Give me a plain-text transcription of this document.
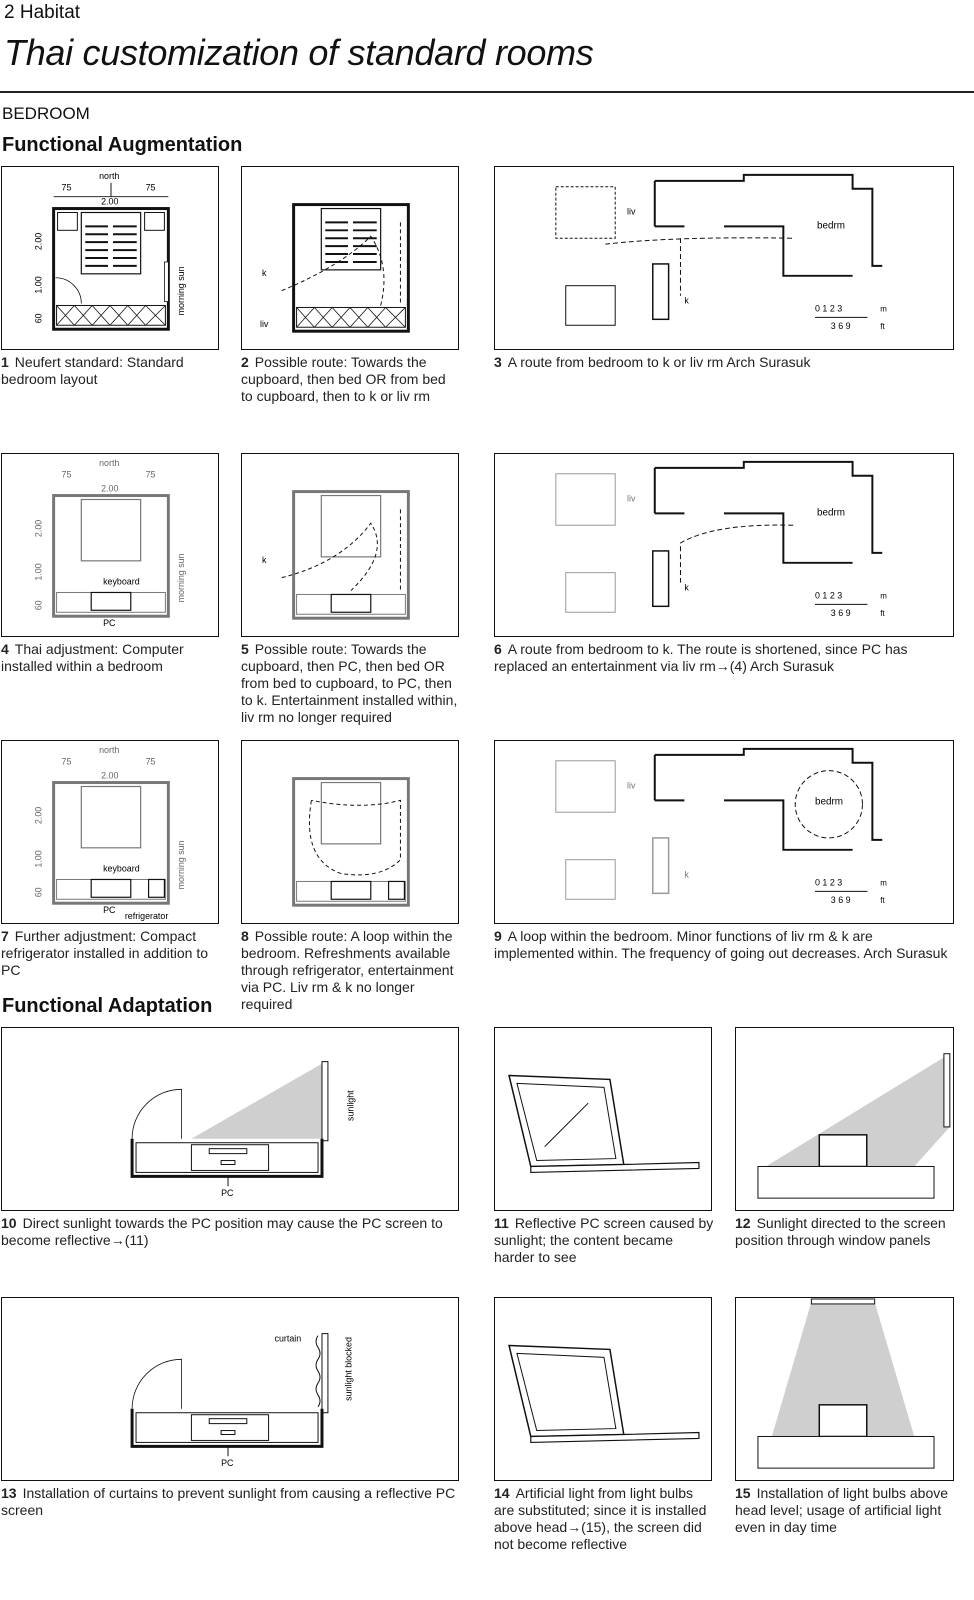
2 Habitat
Thai customization of standard rooms
BEDROOM
Functional Augmentation
Functional Adaptation
north
75	75
2.00
2.00
1.00
60
morning sun
1 Neufert standard: Standard bedroom layout
k
liv
2 Possible route: Towards the cupboard, then bed OR from bed to cupboard, then to k or liv rm
liv
bedrm
k
0 1 2 3	m
3 6 9	ft
3 A route from bedroom to k or liv rm Arch Surasuk
north
75	75
2.00
keyboard
PC
2.00
1.00
60
morning sun
4 Thai adjustment: Computer installed within a bedroom
k
5 Possible route: Towards the cupboard, then PC, then bed OR from bed to cupboard, to PC, then to k. Entertainment installed within, liv rm no longer required
liv
bedrm
k
0 1 2 3	m
3 6 9	ft
6 A route from bedroom to k. The route is shortened, since PC has replaced an entertainment via liv rm→(4) Arch Surasuk
north
75	75
2.00
keyboard
PC
refrigerator
2.00
1.00
60
morning sun
7 Further adjustment: Compact refrigerator installed in addition to PC
8 Possible route: A loop within the bedroom. Refreshments available through refrigerator, entertainment via PC. Liv rm & k no longer required
liv
bedrm
k
0 1 2 3	m
3 6 9	ft
9 A loop within the bedroom. Minor functions of liv rm & k are implemented within. The frequency of going out decreases. Arch Surasuk
PC
sunlight
10 Direct sunlight towards the PC position may cause the PC screen to become reflective→(11)
11 Reflective PC screen caused by sunlight; the content became harder to see
12 Sunlight directed to the screen position through window panels
PC
curtain	sunlight blocked
13 Installation of curtains to prevent sunlight from causing a reflective PC screen
14 Artificial light from light bulbs are substituted; since it is installed above head→(15), the screen did not become reflective
15 Installation of light bulbs above head level; usage of artificial light even in day time
